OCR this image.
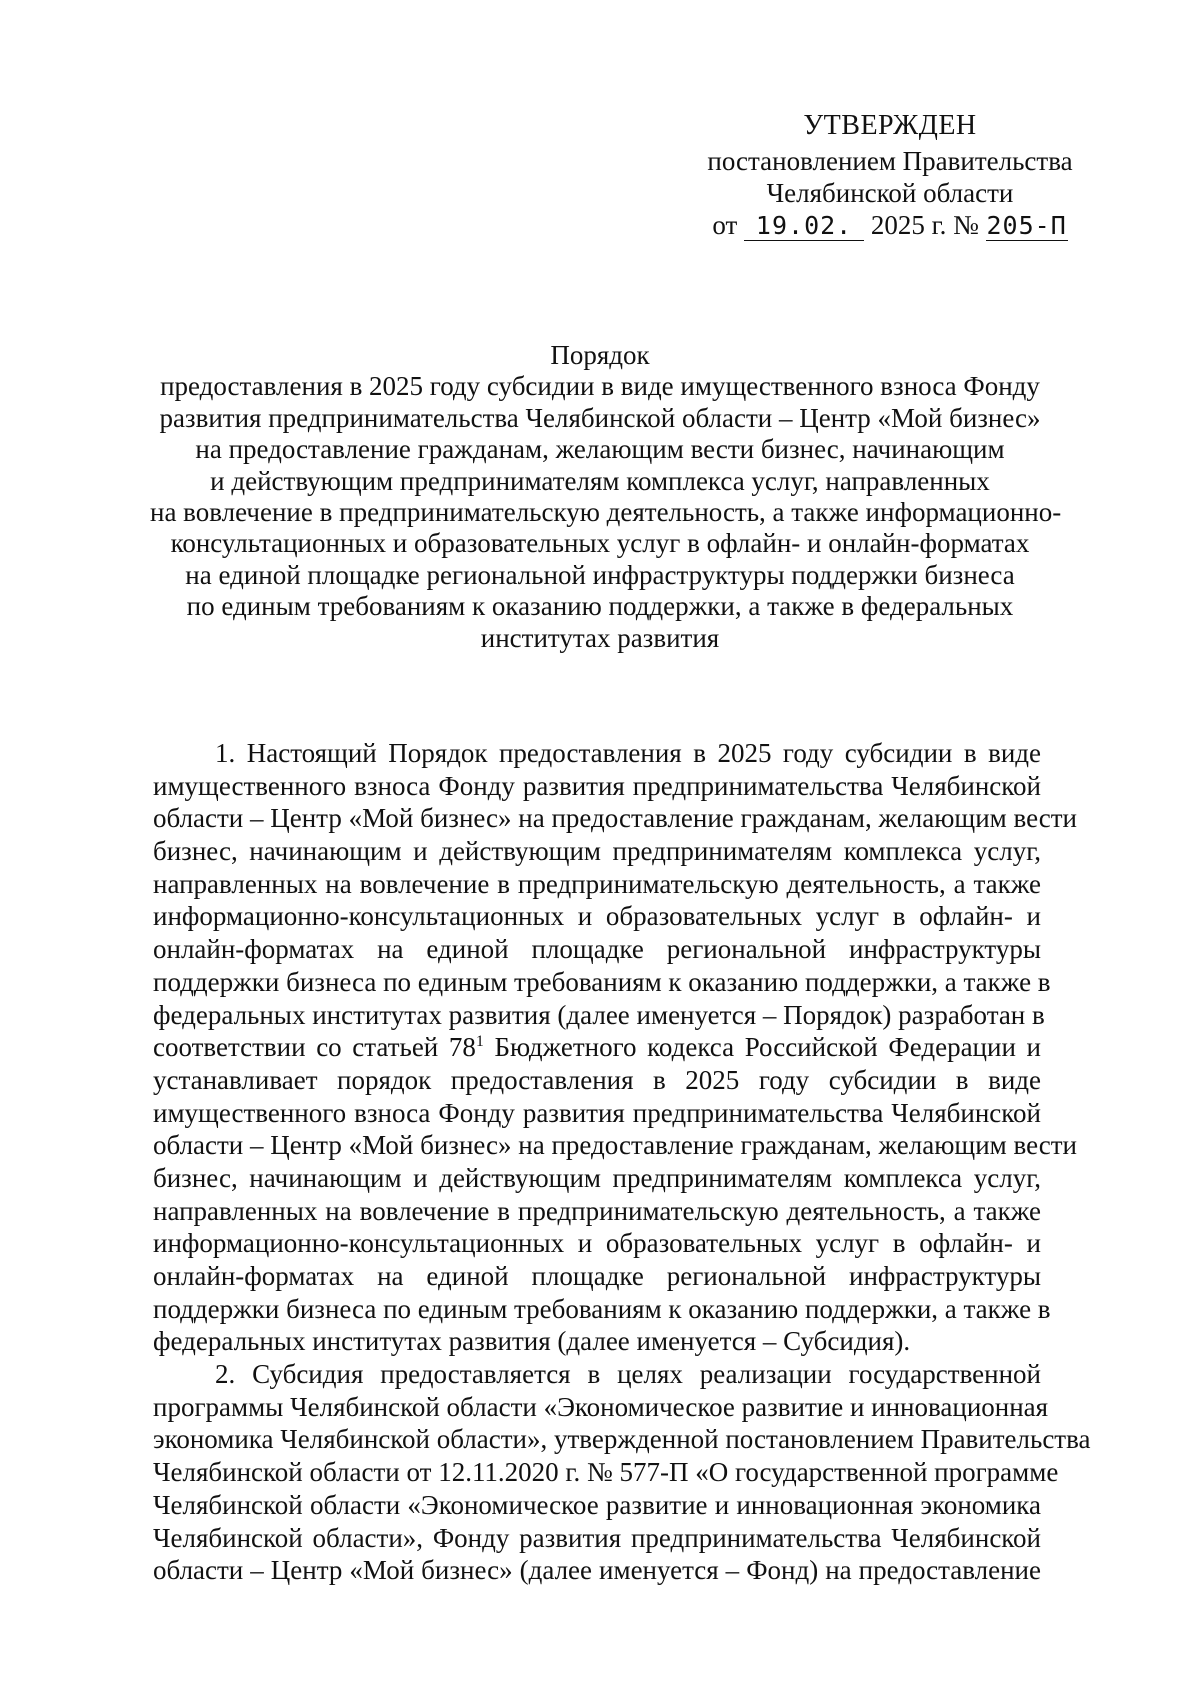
УТВЕРЖДЕН
постановлением Правительства
Челябинской области
от 19.02. 2025 г. № 205-П
Порядок
предоставления в 2025 году субсидии в виде имущественного взноса Фонду
развития предпринимательства Челябинской области – Центр «Мой бизнес»
на предоставление гражданам, желающим вести бизнес, начинающим
и действующим предпринимателям комплекса услуг, направленных
на вовлечение в предпринимательскую деятельность, а также информационно-
консультационных и образовательных услуг в офлайн- и онлайн-форматах
на единой площадке региональной инфраструктуры поддержки бизнеса
по единым требованиям к оказанию поддержки, а также в федеральных
институтах развития
1. Настоящий Порядок предоставления в 2025 году субсидии в виде
имущественного взноса Фонду развития предпринимательства Челябинской
области – Центр «Мой бизнес» на предоставление гражданам, желающим вести
бизнес, начинающим и действующим предпринимателям комплекса услуг,
направленных на вовлечение в предпринимательскую деятельность, а также
информационно-консультационных и образовательных услуг в офлайн- и
онлайн-форматах на единой площадке региональной инфраструктуры
поддержки бизнеса по единым требованиям к оказанию поддержки, а также в
федеральных институтах развития (далее именуется – Порядок) разработан в
соответствии со статьей $78^1$ Бюджетного кодекса Российской Федерации и
устанавливает порядок предоставления в 2025 году субсидии в виде
имущественного взноса Фонду развития предпринимательства Челябинской
области – Центр «Мой бизнес» на предоставление гражданам, желающим вести
бизнес, начинающим и действующим предпринимателям комплекса услуг,
направленных на вовлечение в предпринимательскую деятельность, а также
информационно-консультационных и образовательных услуг в офлайн- и
онлайн-форматах на единой площадке региональной инфраструктуры
поддержки бизнеса по единым требованиям к оказанию поддержки, а также в
федеральных институтах развития (далее именуется – Субсидия).
2. Субсидия предоставляется в целях реализации государственной
программы Челябинской области «Экономическое развитие и инновационная
экономика Челябинской области», утвержденной постановлением Правительства
Челябинской области от 12.11.2020 г. № 577-П «О государственной программе
Челябинской области «Экономическое развитие и инновационная экономика
Челябинской области», Фонду развития предпринимательства Челябинской
области – Центр «Мой бизнес» (далее именуется – Фонд) на предоставление
